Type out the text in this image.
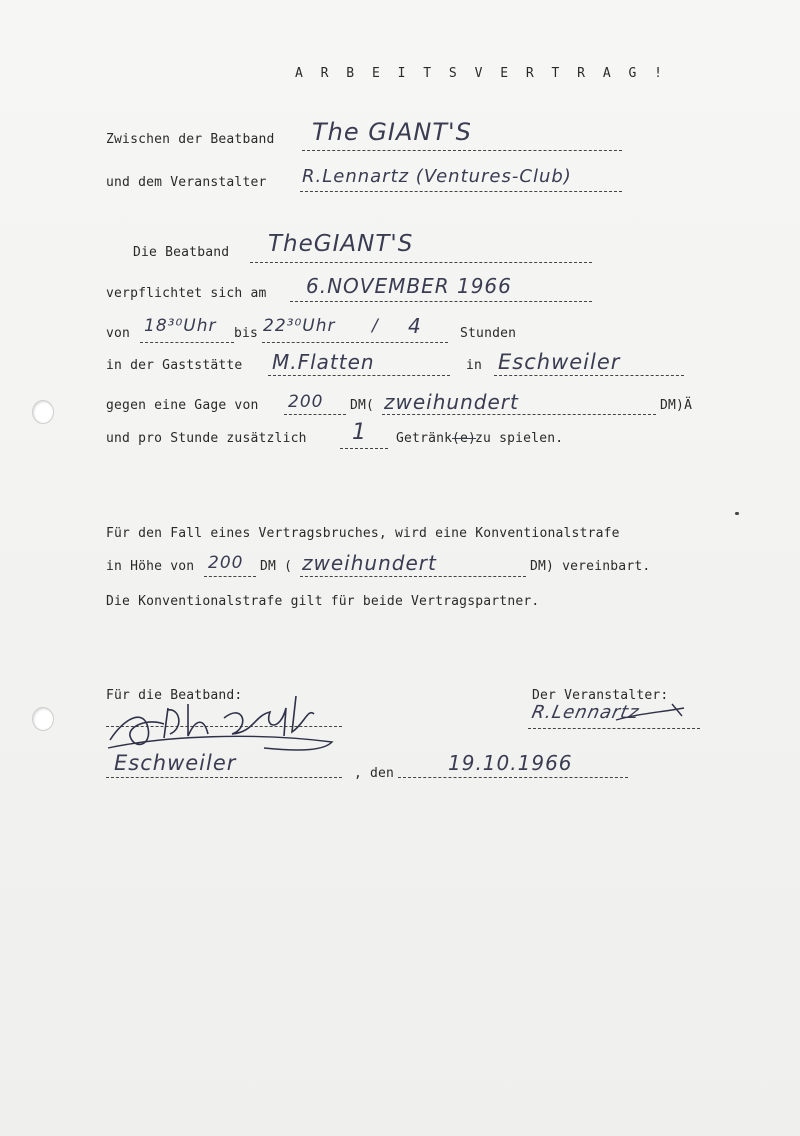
A R B E I T S V E R T R A G !
Zwischen der Beatband The GIANT'S
und dem Veranstalter R.Lennartz (Ventures-Club)
Die Beatband TheGIANT'S
verpflichtet sich am 6.NOVEMBER 1966
von 18³⁰Uhr bis 22³⁰Uhr / 4	Stunden
in der Gaststätte M.Flatten	in Eschweiler
gegen eine Gage von 200 DM( zweihundert	DM)Ä
und pro Stunde zusätzlich 1 Getränk (e)
zu spielen.
Für den Fall eines Vertragsbruches, wird eine Konventionalstrafe
in Höhe von 200 DM ( zweihundert	DM) vereinbart.
Die Konventionalstrafe gilt für beide Vertragspartner.
Für die Beatband:	Der Veranstalter:
R.Lennartz
Eschweiler	, den	19.10.1966
